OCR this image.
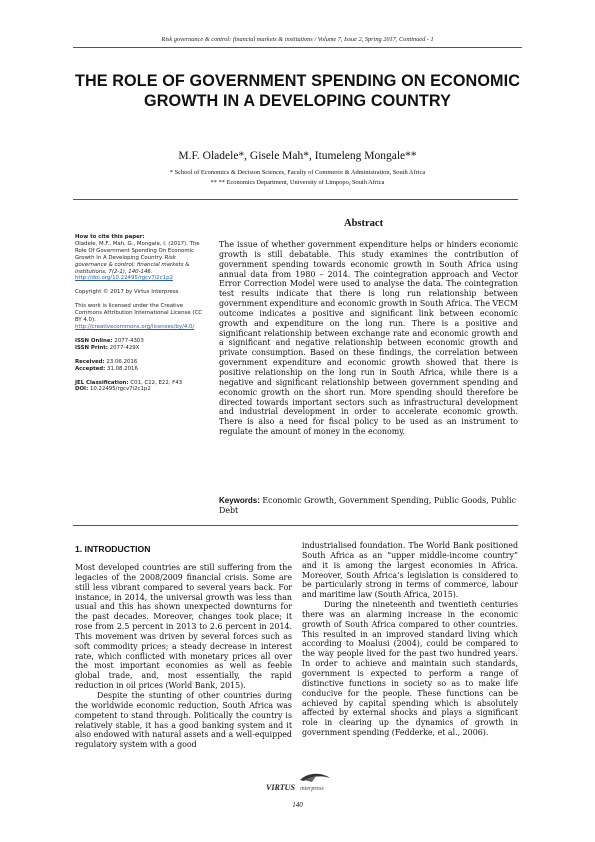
Risk governance & control: financial markets & institutions / Volume 7, Issue 2, Spring 2017, Continued - 1
THE ROLE OF GOVERNMENT SPENDING ON ECONOMIC GROWTH IN A DEVELOPING COUNTRY
M.F. Oladele*, Gisele Mah*, Itumeleng Mongale**
* School of Economics & Decision Sciences, Faculty of Commerce & Administration, South Africa
** ** Economics Department, University of Limpopo, South Africa

How to cite this paper:
Oladele, M.F., Mah, G., Mongale, I. (2017). The Role Of Government Spending On Economic Growth In A Developing Country. Risk governance & control: financial markets & institutions, 7(2-1), 140-146.
http://doi.org/10.22495/rgcv7i2c1p2

Copyright © 2017 by Virtus Interpress

This work is licensed under the Creative Commons Attribution International License (CC BY 4.0).
http://creativecommons.org/licenses/by/4.0/

ISSN Online: 2077-4303
ISSN Print: 2077-429X

Received: 23.06.2016
Accepted: 31.08.2016

JEL Classification: C01, C22, E22, F43
DOI: 10.22495/rgcv7i2c1p2

Abstract
The issue of whether government expenditure helps or hinders economic growth is still debatable. This study examines the contribution of government spending towards economic growth in South Africa using annual data from 1980 – 2014. The cointegration approach and Vector Error Correction Model were used to analyse the data. The cointegration test results indicate that there is long run relationship between government expenditure and economic growth in South Africa. The VECM outcome indicates a positive and significant link between economic growth and expenditure on the long run. There is a positive and significant relationship between exchange rate and economic growth and a significant and negative relationship between economic growth and private consumption. Based on these findings, the correlation between government expenditure and economic growth showed that there is positive relationship on the long run in South Africa, while there is a negative and significant relationship between government spending and economic growth on the short run. More spending should therefore be directed towards important sectors such as infrastructural development and industrial development in order to accelerate economic growth. There is also a need for fiscal policy to be used as an instrument to regulate the amount of money in the economy.
Keywords: Economic Growth, Government Spending, Public Goods, Public Debt
1. INTRODUCTION

Most developed countries are still suffering from the legacies of the 2008/2009 financial crisis. Some are still less vibrant compared to several years back. For instance, in 2014, the universal growth was less than usual and this has shown unexpected downturns for the past decades. Moreover, changes took place; it rose from 2.5 percent in 2013 to 2.6 percent in 2014. This movement was driven by several forces such as soft commodity prices; a steady decrease in interest rate, which conflicted with monetary prices all over the most important economies as well as feeble global trade, and, most essentially, the rapid reduction in oil prices (World Bank, 2015).

Despite the stunting of other countries during the worldwide economic reduction, South Africa was competent to stand through. Politically the country is relatively stable, it has a good banking system and it also endowed with natural assets and a well-equipped regulatory system with a good

industrialised foundation. The World Bank positioned South Africa as an “upper middle-income country” and it is among the largest economies in Africa. Moreover, South Africa’s legislation is considered to be particularly strong in terms of commerce, labour and maritime law (South Africa, 2015).

During the nineteenth and twentieth centuries there was an alarming increase in the economic growth of South Africa compared to other countries. This resulted in an improved standard living which according to Moalusi (2004), could be compared to the way people lived for the past two hundred years. In order to achieve and maintain such standards, government is expected to perform a range of distinctive functions in society so as to make life conducive for the people. These functions can be achieved by capital spending which is absolutely affected by external shocks and plays a significant role in clearing up the dynamics of growth in government spending (Fedderke, et al., 2006).

VIRTUS interpress
140
